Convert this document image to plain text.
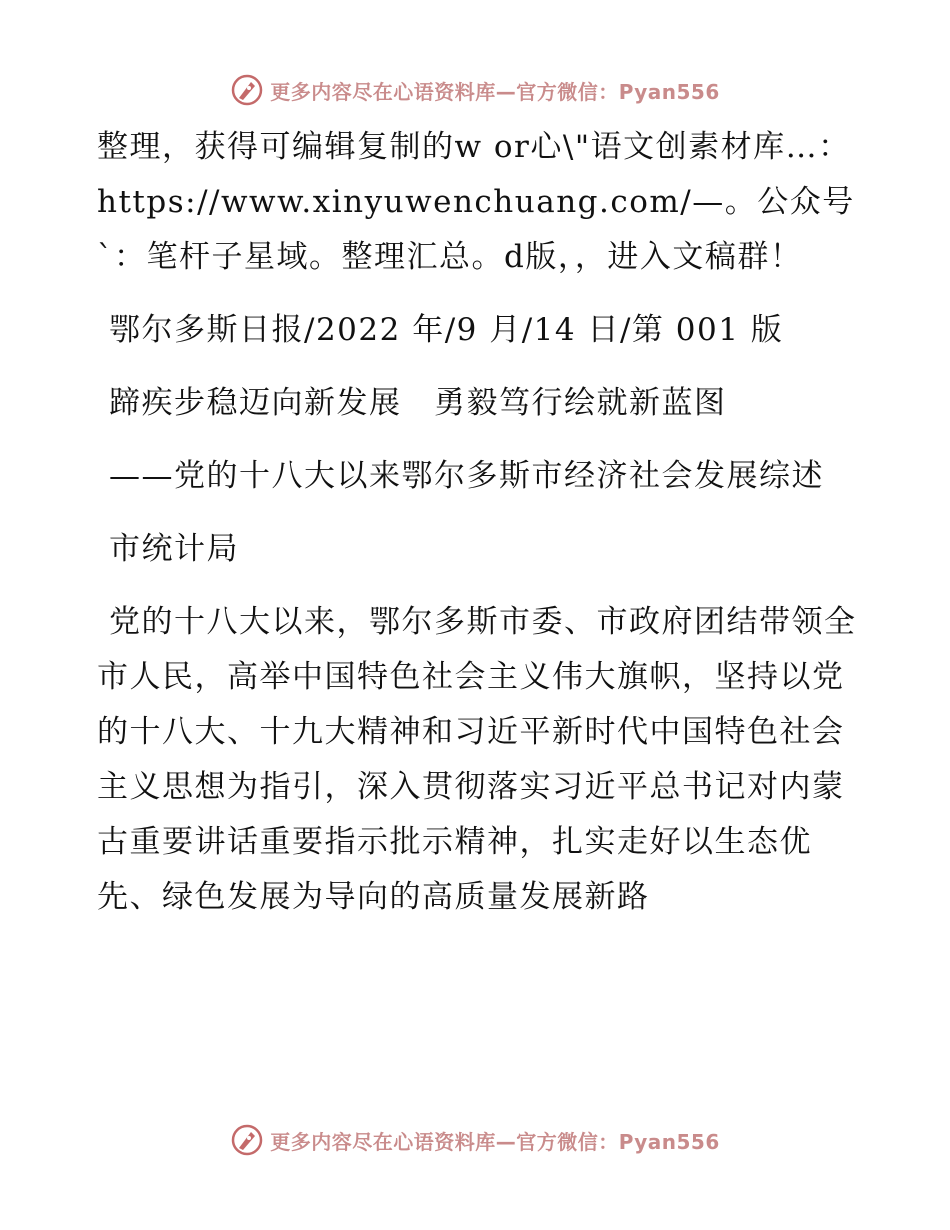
更多内容尽在心语资料库—官方微信：Pyan556

整理，获得可编辑复制的w or心\"语文创素材库…：https://www.xinyuwenchuang.com/—。公众号`：笔杆子星域。整理汇总。d版，，进入文稿群！

鄂尔多斯日报/2022 年/9 月/14 日/第 001 版

蹄疾步稳迈向新发展　勇毅笃行绘就新蓝图

——党的十八大以来鄂尔多斯市经济社会发展综述

市统计局

党的十八大以来，鄂尔多斯市委、市政府团结带领全市人民，高举中国特色社会主义伟大旗帜，坚持以党的十八大、十九大精神和习近平新时代中国特色社会主义思想为指引，深入贯彻落实习近平总书记对内蒙古重要讲话重要指示批示精神，扎实走好以生态优先、绿色发展为导向的高质量发展新路

更多内容尽在心语资料库—官方微信：Pyan556
